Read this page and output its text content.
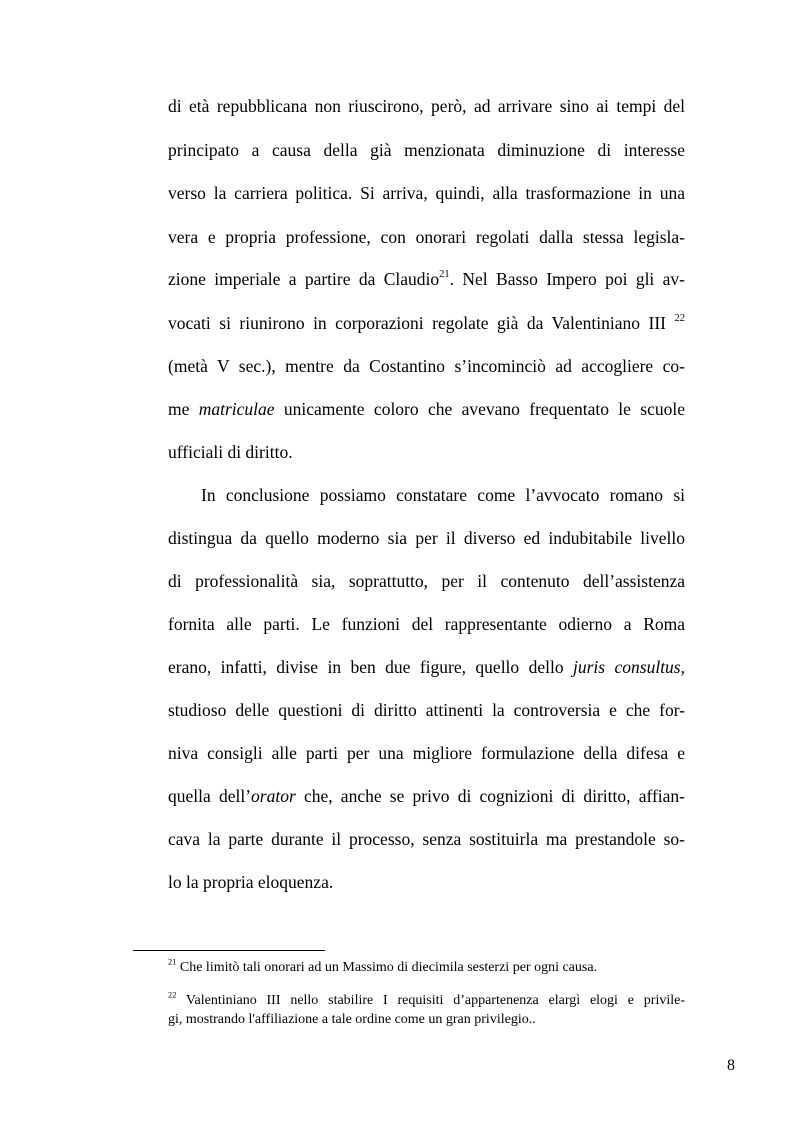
di età repubblicana non riuscirono, però, ad arrivare sino ai tempi del
principato a causa della già menzionata diminuzione di interesse
verso la carriera politica. Si arriva, quindi, alla trasformazione in una
vera e propria professione, con onorari regolati dalla stessa legisla-
zione imperiale a partire da Claudio$^{21}$. Nel Basso Impero poi gli av-
vocati si riunirono in corporazioni regolate già da Valentiniano III $^{22}$
(metà V sec.), mentre da Costantino s’incominciò ad accogliere co-
me matriculae unicamente coloro che avevano frequentato le scuole
ufficiali di diritto.
In conclusione possiamo constatare come l’avvocato romano si
distingua da quello moderno sia per il diverso ed indubitabile livello
di professionalità sia, soprattutto, per il contenuto dell’assistenza
fornita alle parti. Le funzioni del rappresentante odierno a Roma
erano, infatti, divise in ben due figure, quello dello juris consultus,
studioso delle questioni di diritto attinenti la controversia e che for-
niva consigli alle parti per una migliore formulazione della difesa e
quella dell’orator che, anche se privo di cognizioni di diritto, affian-
cava la parte durante il processo, senza sostituirla ma prestandole so-
lo la propria eloquenza.
$^{21}$ Che limitò tali onorari ad un Massimo di diecimila sesterzi per ogni causa.
$^{22}$ Valentiniano III nello stabilire I requisiti d’appartenenza elargì elogi e privile-
gi, mostrando l'affiliazione a tale ordine come un gran privilegio..
8
